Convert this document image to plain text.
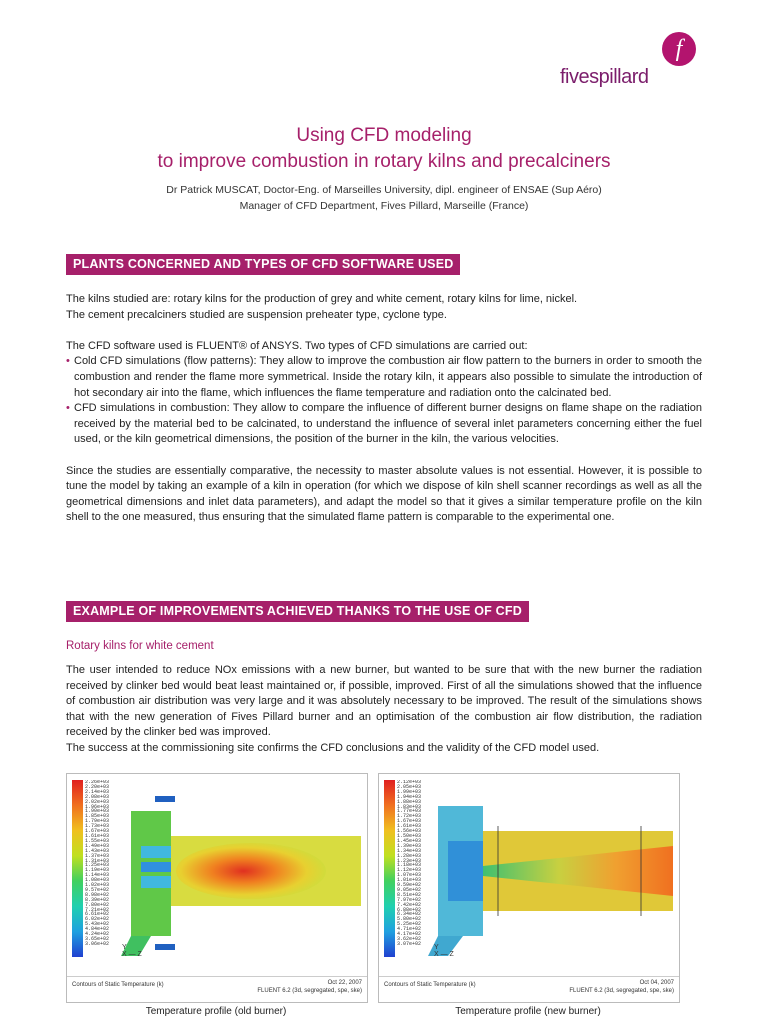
f
fivespillard
Using CFD modeling
to improve combustion in rotary kilns and precalciners
Dr Patrick MUSCAT, Doctor-Eng. of Marseilles University, dipl. engineer of ENSAE (Sup Aéro)
Manager of CFD Department, Fives Pillard, Marseille (France)
PLANTS CONCERNED AND TYPES OF CFD SOFTWARE USED

The kilns studied are: rotary kilns for the production of grey and white cement, rotary kilns for lime, nickel.

The cement precalciners studied are suspension preheater type, cyclone type.

The CFD software used is FLUENT® of ANSYS. Two types of CFD simulations are carried out:

• Cold CFD simulations (flow patterns): They allow to improve the combustion air flow pattern to the burners in order to smooth the combustion and render the flame more symmetrical. Inside the rotary kiln, it appears also possible to simulate the introduction of hot secondary air into the flame, which influences the flame temperature and radiation onto the calcinated bed.

• CFD simulations in combustion: They allow to compare the influence of different burner designs on flame shape on the radiation received by the material bed to be calcinated, to understand the influence of several inlet parameters concerning either the fuel used, or the kiln geometrical dimensions, the position of the burner in the kiln, the various velocities.

Since the studies are essentially comparative, the necessity to master absolute values is not essential. However, it is possible to tune the model by taking an example of a kiln in operation (for which we dispose of kiln shell scanner recordings as well as all the geometrical dimensions and inlet data parameters), and adapt the model so that it gives a similar temperature profile on the kiln shell to the one measured, thus ensuring that the simulated flame pattern is comparable to the experimental one.

EXAMPLE OF IMPROVEMENTS ACHIEVED THANKS TO THE USE OF CFD
Rotary kilns for white cement

The user intended to reduce NOx emissions with a new burner, but wanted to be sure that with the new burner the radiation received by clinker bed would beat least maintained or, if possible, improved. First of all the simulations showed that the influence of combustion air distribution was very large and it was absolutely necessary to be improved. The result of the simulations shows that with the new generation of Fives Pillard burner and an optimisation of the combustion air flow distribution, the radiation received by the clinker bed was improved.

The success at the commissioning site confirms the CFD conclusions and the validity of the CFD model used.

2.26e+03
2.20e+03
2.14e+03
2.08e+03
2.02e+03
1.96e+03
1.90e+03
1.85e+03
1.79e+03
1.73e+03
1.67e+03
1.61e+03
1.55e+03
1.49e+03
1.43e+03
1.37e+03
1.31e+03
1.25e+03
1.19e+03
1.14e+03
1.08e+03
1.02e+03
9.57e+02
8.98e+02
8.39e+02
7.80e+02
7.21e+02
6.61e+02
6.02e+02
5.43e+02
4.84e+02
4.24e+02
3.65e+02
3.06e+02
Y
X — Z
Contours of Static Temperature (k)	Oct 22, 2007
FLUENT 6.2 (3d, segregated, spe, ske)
Temperature profile (old burner)
2.12e+03
2.05e+03
1.99e+03
1.94e+03
1.88e+03
1.83e+03
1.77e+03
1.72e+03
1.67e+03
1.61e+03
1.56e+03
1.50e+03
1.45e+03
1.39e+03
1.34e+03
1.28e+03
1.23e+03
1.18e+03
1.12e+03
1.07e+03
1.01e+03
9.59e+02
9.05e+02
8.51e+02
7.97e+02
7.42e+02
6.88e+02
6.34e+02
5.80e+02
5.25e+02
4.71e+02
4.17e+02
3.62e+02
3.07e+02
Y
X — Z
Contours of Static Temperature (k)	Oct 04, 2007
FLUENT 6.2 (3d, segregated, spe, ske)
Temperature profile (new burner)
